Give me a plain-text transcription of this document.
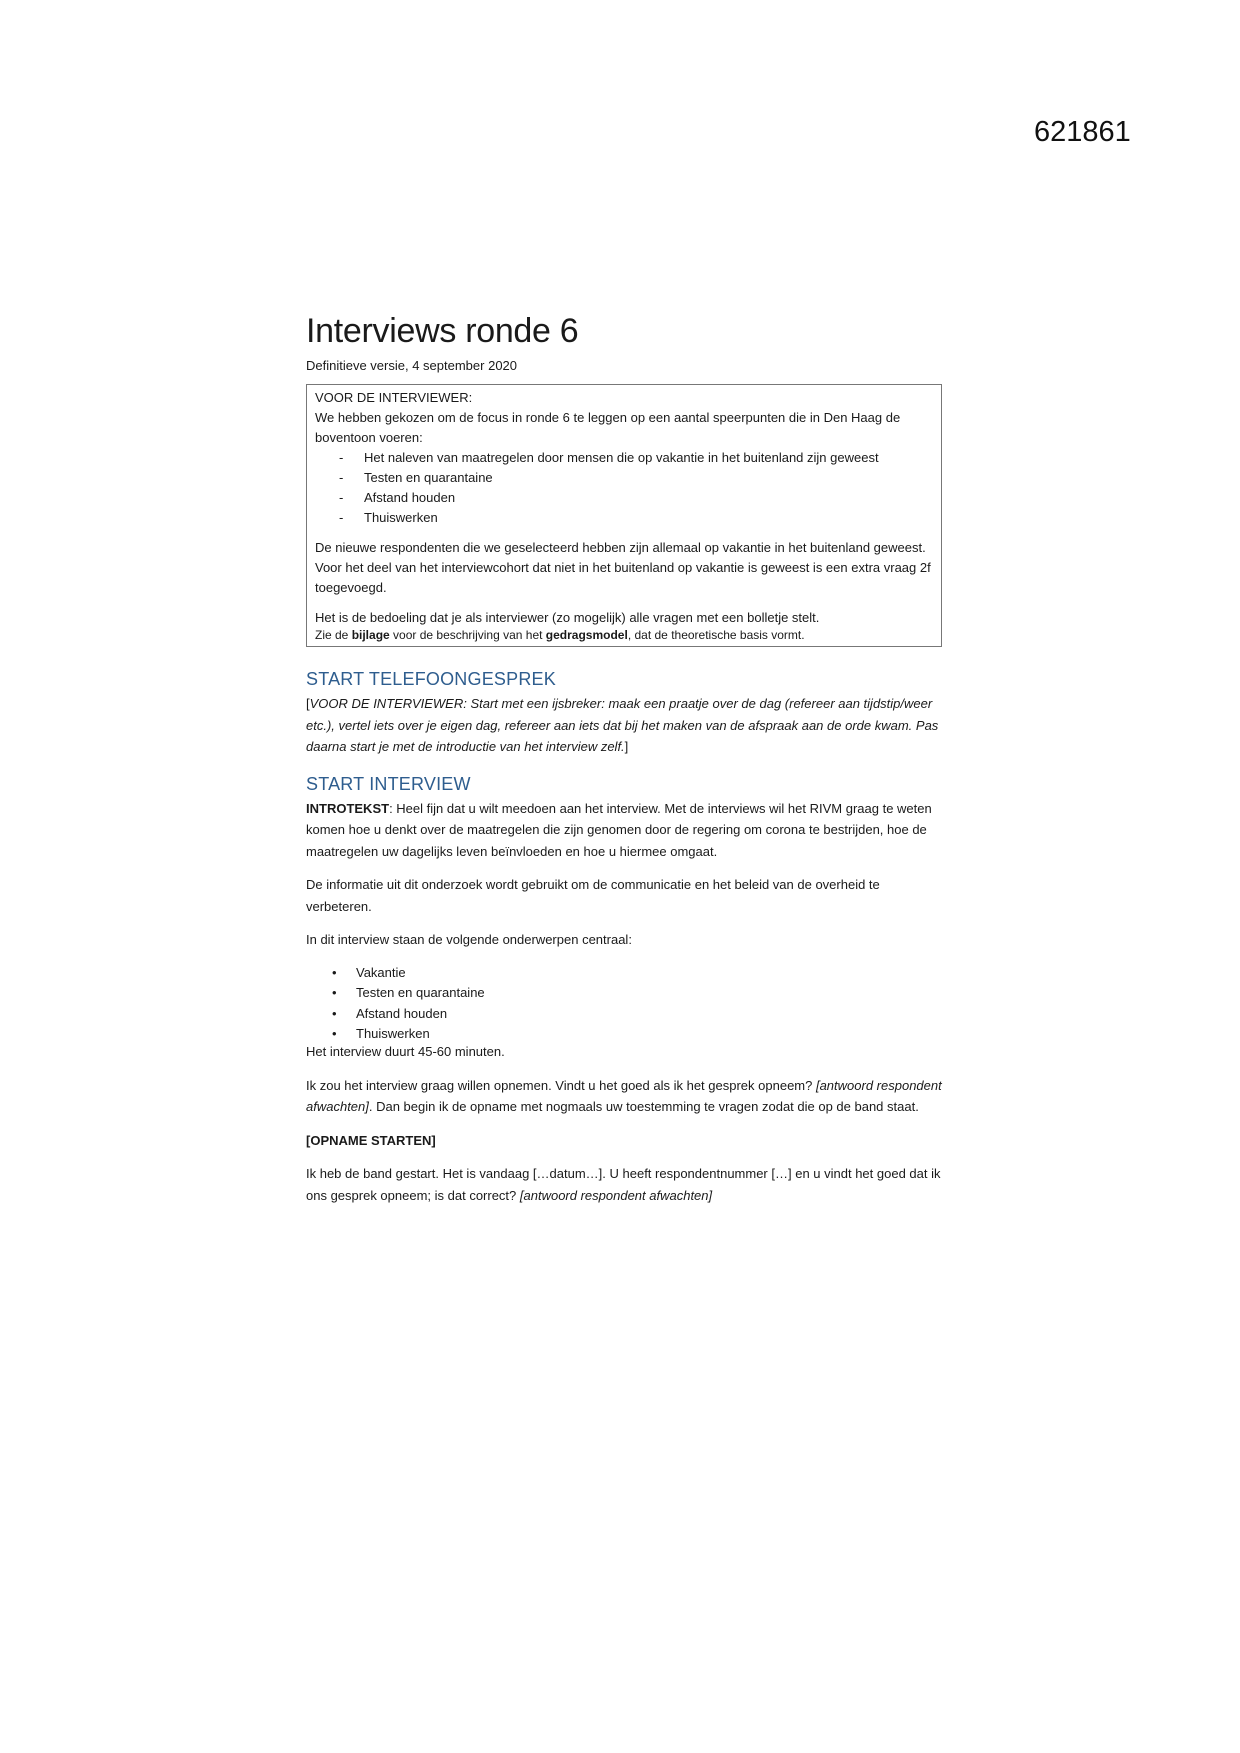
621861
Interviews ronde 6

Definitieve versie, 4 september 2020

VOOR DE INTERVIEWER:

We hebben gekozen om de focus in ronde 6 te leggen op een aantal speerpunten die in Den Haag de boventoon voeren:

- Het naleven van maatregelen door mensen die op vakantie in het buitenland zijn geweest
- Testen en quarantaine
- Afstand houden
- Thuiswerken

De nieuwe respondenten die we geselecteerd hebben zijn allemaal op vakantie in het buitenland geweest. Voor het deel van het interviewcohort dat niet in het buitenland op vakantie is geweest is een extra vraag 2f toegevoegd.

Het is de bedoeling dat je als interviewer (zo mogelijk) alle vragen met een bolletje stelt.

Zie de bijlage voor de beschrijving van het gedragsmodel, dat de theoretische basis vormt.

START TELEFOONGESPREK

[VOOR DE INTERVIEWER: Start met een ijsbreker: maak een praatje over de dag (refereer aan tijdstip/weer etc.), vertel iets over je eigen dag, refereer aan iets dat bij het maken van de afspraak aan de orde kwam. Pas daarna start je met de introductie van het interview zelf.]

START INTERVIEW

INTROTEKST: Heel fijn dat u wilt meedoen aan het interview. Met de interviews wil het RIVM graag te weten komen hoe u denkt over de maatregelen die zijn genomen door de regering om corona te bestrijden, hoe de maatregelen uw dagelijks leven beïnvloeden en hoe u hiermee omgaat.

De informatie uit dit onderzoek wordt gebruikt om de communicatie en het beleid van de overheid te verbeteren.

In dit interview staan de volgende onderwerpen centraal:

• Vakantie
• Testen en quarantaine
• Afstand houden
• Thuiswerken

Het interview duurt 45-60 minuten.

Ik zou het interview graag willen opnemen. Vindt u het goed als ik het gesprek opneem? [antwoord respondent afwachten]. Dan begin ik de opname met nogmaals uw toestemming te vragen zodat die op de band staat.

[OPNAME STARTEN]

Ik heb de band gestart. Het is vandaag […datum…]. U heeft respondentnummer […] en u vindt het goed dat ik ons gesprek opneem; is dat correct? [antwoord respondent afwachten]
